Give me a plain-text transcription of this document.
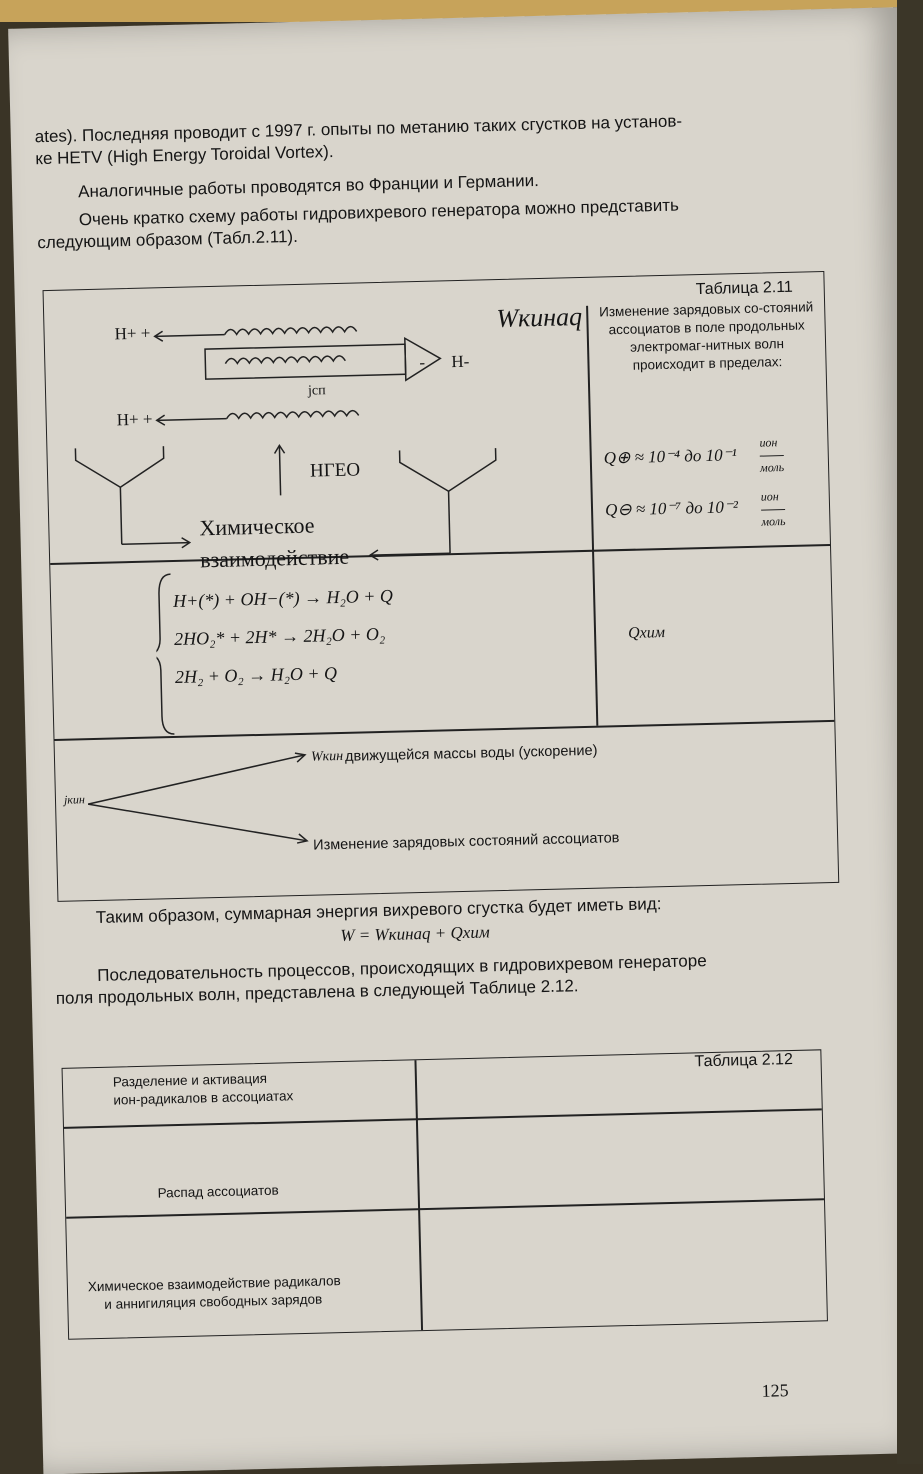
ates). Последняя проводит с 1997 г. опыты по метанию таких сгустков на установ-
ке HETV (High Energy Toroidal Vortex).
Аналогичные работы проводятся во Франции и Германии.
Очень кратко схему работы гидровихревого генератора можно представить
следующим образом (Табл.2.11).
Таблица 2.11
H+ +
- H-
jсп
H+ +
HГЕО
Wкинaq
Химическое
взаимодействие
Изменение зарядовых со-стояний ассоциатов в поле продольных электромаг-нитных волн происходит в пределах:
Q⊕ ≈ 10⁻⁴ до 10⁻¹
ион
моль
Q⊖ ≈ 10⁻⁷ до 10⁻²
ион
моль
H+(*) + OH−(*) → H₂O + Q
2HO₂* + 2H* → 2H₂O + O₂
2H₂ + O₂ → H₂O + Q
Qхим
jкин
Wкин движущейся массы воды (ускорение)
Изменение зарядовых состояний ассоциатов
Таким образом, суммарная энергия вихревого сгустка будет иметь вид:
W = Wкинaq + Qхим
Последовательность процессов, происходящих в гидровихревом генераторе
поля продольных волн, представлена в следующей Таблице 2.12.
Таблица 2.12
Разделение и активация
ион-радикалов в ассоциатах
Распад ассоциатов
Химическое взаимодействие радикалов
и аннигиляция свободных зарядов
125
